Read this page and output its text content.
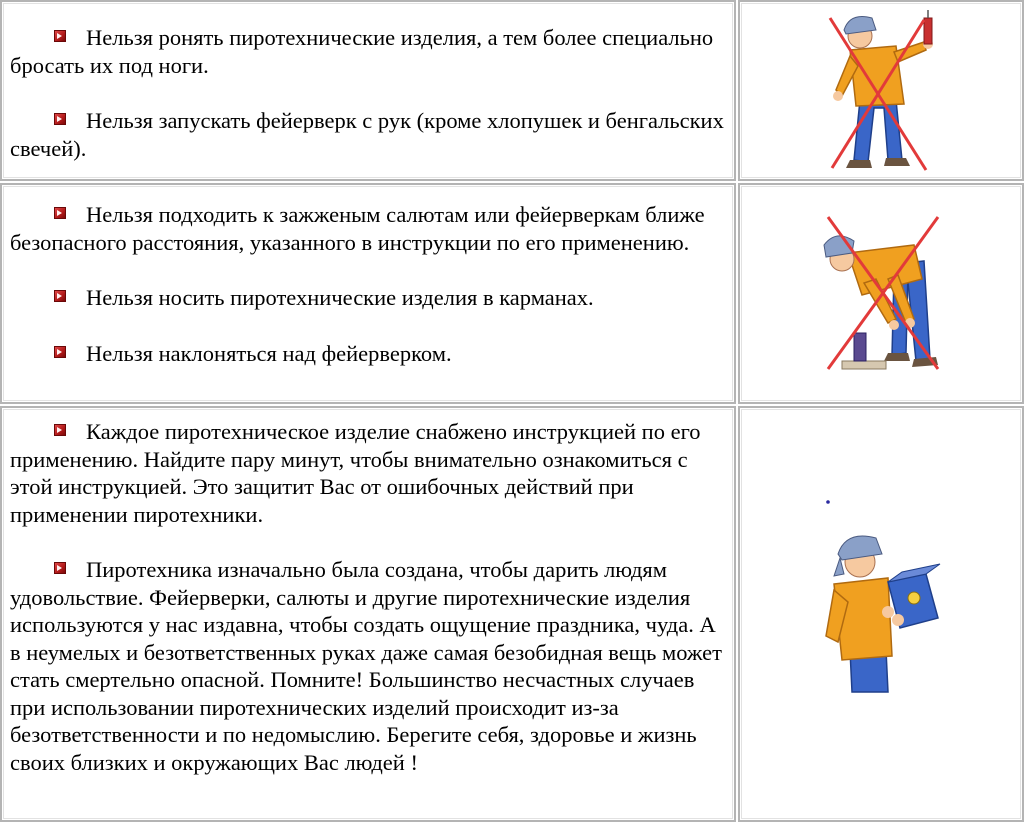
Нельзя ронять пиротехнические изделия, а тем более специально бросать их под ноги.

Нельзя запускать фейерверк с рук (кроме хлопушек и бенгальских свечей).

Нельзя подходить к зажженым салютам или фейерверкам ближе безопасного расстояния, указанного в инструкции по его применению.

Нельзя носить пиротехнические изделия в карманах.

Нельзя наклоняться над фейерверком.

Каждое пиротехническое изделие снабжено инструкцией по его применению. Найдите пару минут, чтобы внимательно ознакомиться с этой инструкцией. Это защитит Вас от ошибочных действий при применении пиротехники.

Пиротехника изначально была создана, чтобы дарить людям удовольствие. Фейерверки, салюты и другие пиротехнические изделия используются у нас издавна, чтобы создать ощущение праздника, чуда. А в неумелых и безответственных руках даже самая безобидная вещь может стать смертельно опасной. Помните! Большинство несчастных случаев при использовании пиротехнических изделий происходит из-за безответственности и по недомыслию. Берегите себя, здоровье и жизнь своих близких и окружающих Вас людей !
